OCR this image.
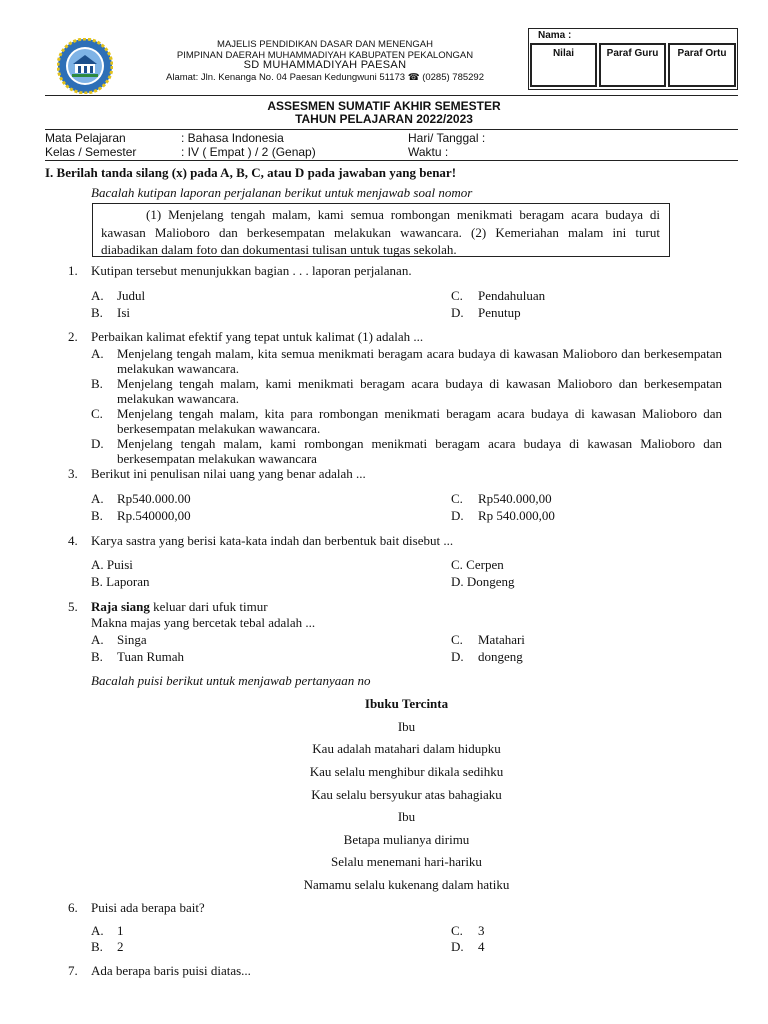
MAJELIS PENDIDIKAN DASAR DAN MENENGAH
PIMPINAN DAERAH MUHAMMADIYAH KABUPATEN PEKALONGAN
SD MUHAMMADIYAH PAESAN
Alamat: Jln. Kenanga No. 04 Paesan Kedungwuni 51173 ☎ (0285) 785292
Nama :
Nilai	Paraf Guru	Paraf Ortu
ASSESMEN SUMATIF AKHIR SEMESTER
TAHUN PELAJARAN 2022/2023
Mata Pelajaran	: Bahasa Indonesia	Hari/ Tanggal :
Kelas / Semester	: IV ( Empat ) / 2 (Genap)	Waktu :
I. Berilah tanda silang (x) pada A, B, C, atau D pada jawaban yang benar!
Bacalah kutipan laporan perjalanan berikut untuk menjawab soal nomor
(1) Menjelang tengah malam, kami semua rombongan menikmati beragam acara budaya di kawasan Malioboro dan berkesempatan melakukan wawancara. (2) Kemeriahan malam ini turut diabadikan dalam foto dan dokumentasi tulisan untuk tugas sekolah.
1. Kutipan tersebut menunjukkan bagian . . . laporan perjalanan.
A. Judul
B. Isi
C. Pendahuluan
D. Penutup
2. Perbaikan kalimat efektif yang tepat untuk kalimat (1) adalah ...
A. Menjelang tengah malam, kita semua menikmati beragam acara budaya di kawasan Malioboro dan berkesempatan melakukan wawancara.
B. Menjelang tengah malam, kami menikmati beragam acara budaya di kawasan Malioboro dan berkesempatan melakukan wawancara.
C. Menjelang tengah malam, kita para rombongan menikmati beragam acara budaya di kawasan Malioboro dan berkesempatan melakukan wawancara.
D. Menjelang tengah malam, kami rombongan menikmati beragam acara budaya di kawasan Malioboro dan berkesempatan melakukan wawancara
3. Berikut ini penulisan nilai uang yang benar adalah ...
A. Rp540.000.00
B. Rp.540000,00
C. Rp540.000,00
D. Rp 540.000,00
4. Karya sastra yang berisi kata-kata indah dan berbentuk bait disebut ...
A. Puisi
B. Laporan
C. Cerpen
D. Dongeng
5. Raja siang keluar dari ufuk timur
Makna majas yang bercetak tebal adalah ...
A. Singa
B. Tuan Rumah
C. Matahari
D. dongeng
Bacalah puisi berikut untuk menjawab pertanyaan no
Ibuku Tercinta
Ibu
Kau adalah matahari dalam hidupku
Kau selalu menghibur dikala sedihku
Kau selalu bersyukur atas bahagiaku
Ibu
Betapa mulianya dirimu
Selalu menemani hari-hariku
Namamu selalu kukenang dalam hatiku
6. Puisi ada berapa bait?
A. 1
B. 2
C. 3
D. 4
7. Ada berapa baris puisi diatas...
